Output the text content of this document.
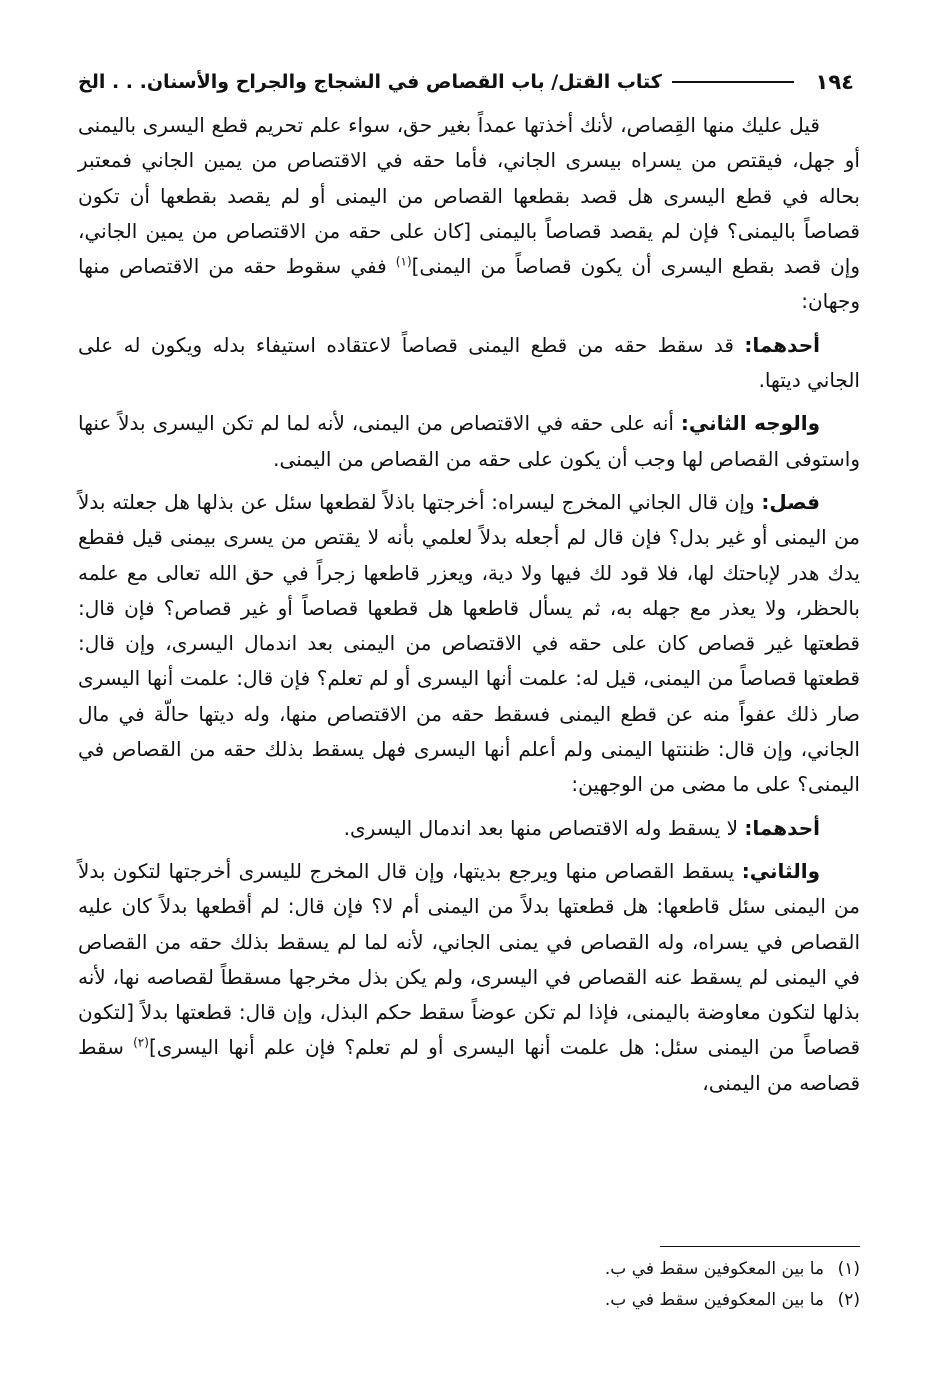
١٩٤
كتاب القتل/ باب القصاص في الشجاج والجراح والأسنان. . . الخ

قيل عليك منها القِصاص، لأنك أخذتها عمداً بغير حق، سواء علم تحريم قطع اليسرى باليمنى أو جهل، فيقتص من يسراه بيسرى الجاني، فأما حقه في الاقتصاص من يمين الجاني فمعتبر بحاله في قطع اليسرى هل قصد بقطعها القصاص من اليمنى أو لم يقصد بقطعها أن تكون قصاصاً باليمنى؟ فإن لم يقصد قصاصاً باليمنى [كان على حقه من الاقتصاص من يمين الجاني، وإن قصد بقطع اليسرى أن يكون قصاصاً من اليمنى]$^{(١)}$ ففي سقوط حقه من الاقتصاص منها وجهان:

أحدهما: قد سقط حقه من قطع اليمنى قصاصاً لاعتقاده استيفاء بدله ويكون له على الجاني ديتها.

والوجه الثاني: أنه على حقه في الاقتصاص من اليمنى، لأنه لما لم تكن اليسرى بدلاً عنها واستوفى القصاص لها وجب أن يكون على حقه من القصاص من اليمنى.

فصل: وإن قال الجاني المخرج ليسراه: أخرجتها باذلاً لقطعها سئل عن بذلها هل جعلته بدلاً من اليمنى أو غير بدل؟ فإن قال لم أجعله بدلاً لعلمي بأنه لا يقتص من يسرى بيمنى قيل فقطع يدك هدر لإباحتك لها، فلا قود لك فيها ولا دية، ويعزر قاطعها زجراً في حق الله تعالى مع علمه بالحظر، ولا يعذر مع جهله به، ثم يسأل قاطعها هل قطعها قصاصاً أو غير قصاص؟ فإن قال: قطعتها غير قصاص كان على حقه في الاقتصاص من اليمنى بعد اندمال اليسرى، وإن قال: قطعتها قصاصاً من اليمنى، قيل له: علمت أنها اليسرى أو لم تعلم؟ فإن قال: علمت أنها اليسرى صار ذلك عفواً منه عن قطع اليمنى فسقط حقه من الاقتصاص منها، وله ديتها حالّة في مال الجاني، وإن قال: ظننتها اليمنى ولم أعلم أنها اليسرى فهل يسقط بذلك حقه من القصاص في اليمنى؟ على ما مضى من الوجهين:

أحدهما: لا يسقط وله الاقتصاص منها بعد اندمال اليسرى.

والثاني: يسقط القصاص منها ويرجع بديتها، وإن قال المخرج لليسرى أخرجتها لتكون بدلاً من اليمنى سئل قاطعها: هل قطعتها بدلاً من اليمنى أم لا؟ فإن قال: لم أقطعها بدلاً كان عليه القصاص في يسراه، وله القصاص في يمنى الجاني، لأنه لما لم يسقط بذلك حقه من القصاص في اليمنى لم يسقط عنه القصاص في اليسرى، ولم يكن بذل مخرجها مسقطاً لقصاصه نها، لأنه بذلها لتكون معاوضة باليمنى، فإذا لم تكن عوضاً سقط حكم البذل، وإن قال: قطعتها بدلاً [لتكون قصاصاً من اليمنى سئل: هل علمت أنها اليسرى أو لم تعلم؟ فإن علم أنها اليسرى]$^{(٢)}$ سقط قصاصه من اليمنى،

(١)ما بين المعكوفين سقط في ب.

(٢)ما بين المعكوفين سقط في ب.
